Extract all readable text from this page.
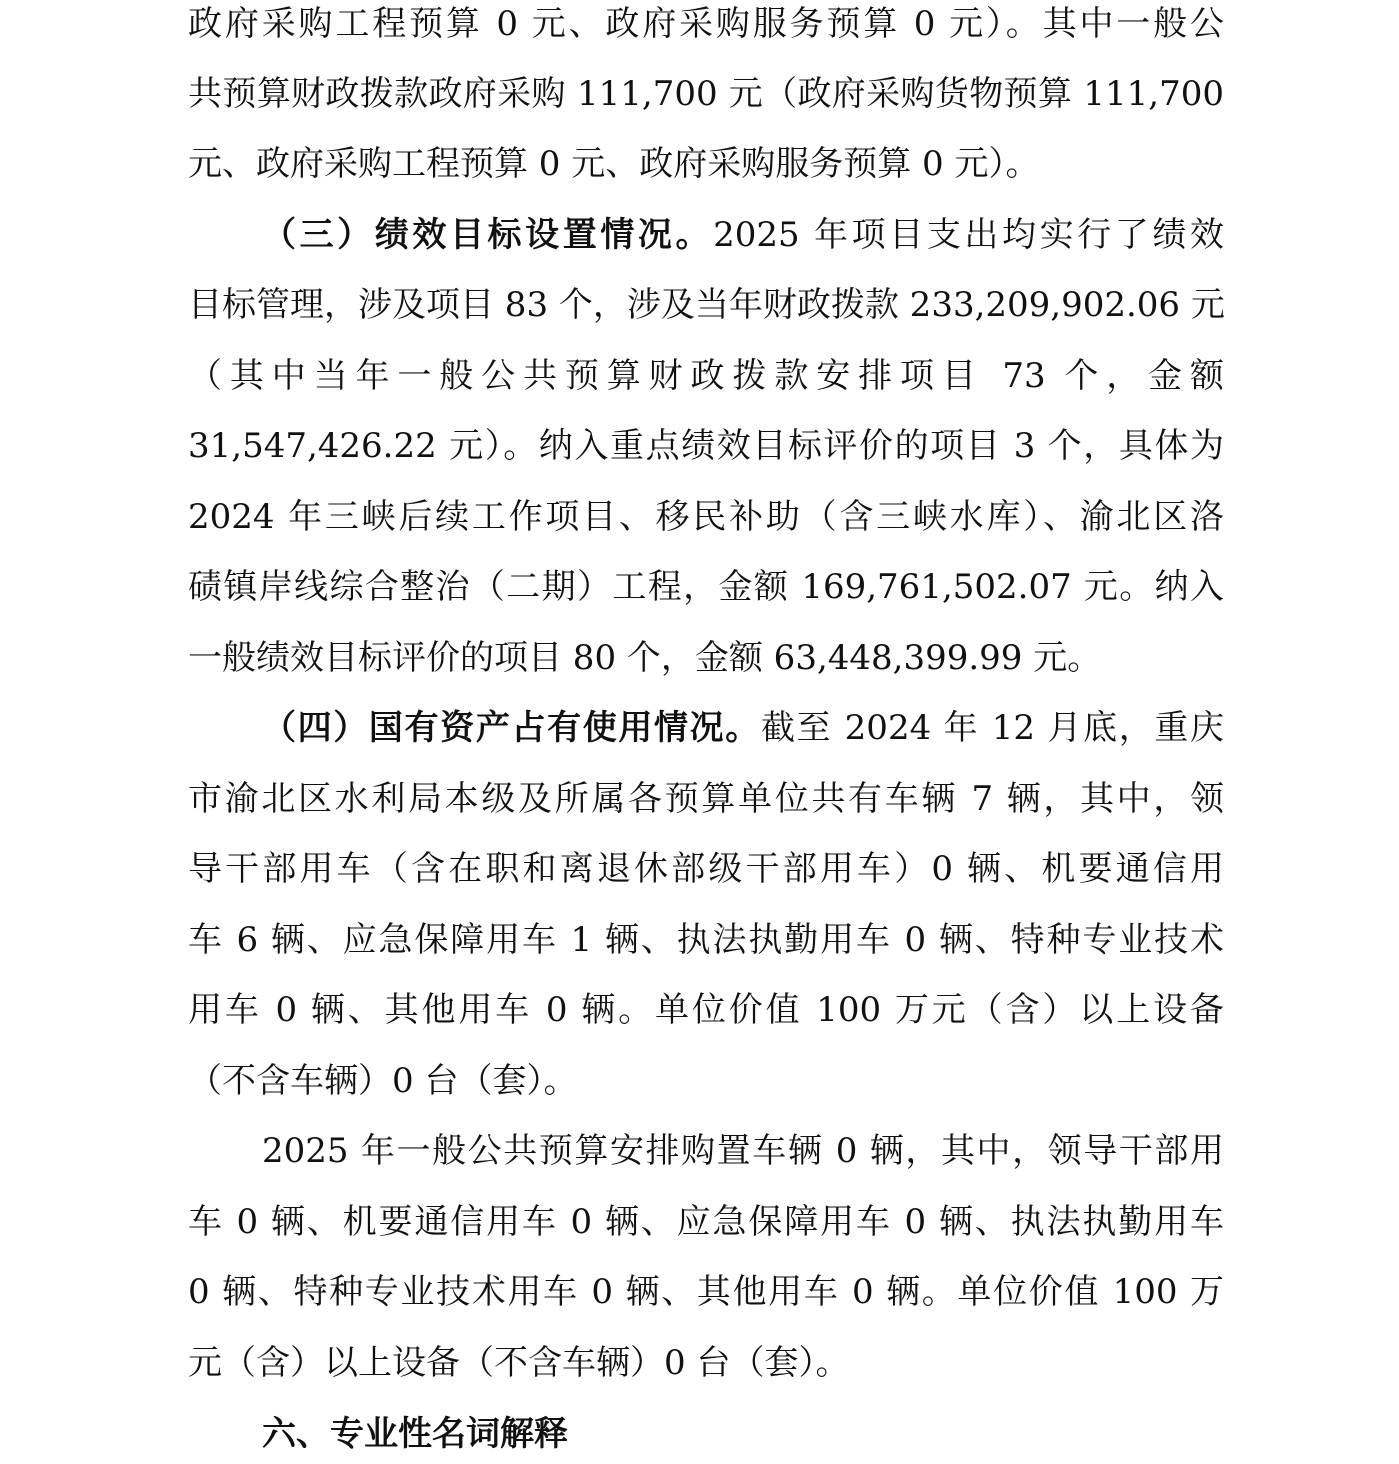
政府采购工程预算 0 元、政府采购服务预算 0 元）。其中一般公
共预算财政拨款政府采购 111,700 元（政府采购货物预算 111,700
元、政府采购工程预算 0 元、政府采购服务预算 0 元）。
（三）绩效目标设置情况。2025 年项目支出均实行了绩效
目标管理，涉及项目 83 个，涉及当年财政拨款 233,209,902.06 元
（其中当年一般公共预算财政拨款安排项目 73 个，金额
31,547,426.22 元）。纳入重点绩效目标评价的项目 3 个，具体为
2024 年三峡后续工作项目、移民补助（含三峡水库）、渝北区洛
碛镇岸线综合整治（二期）工程，金额 169,761,502.07 元。纳入
一般绩效目标评价的项目 80 个，金额 63,448,399.99 元。
（四）国有资产占有使用情况。截至 2024 年 12 月底，重庆
市渝北区水利局本级及所属各预算单位共有车辆 7 辆，其中，领
导干部用车（含在职和离退休部级干部用车）0 辆、机要通信用
车 6 辆、应急保障用车 1 辆、执法执勤用车 0 辆、特种专业技术
用车 0 辆、其他用车 0 辆。单位价值 100 万元（含）以上设备
（不含车辆）0 台（套）。
2025 年一般公共预算安排购置车辆 0 辆，其中，领导干部用
车 0 辆、机要通信用车 0 辆、应急保障用车 0 辆、执法执勤用车
0 辆、特种专业技术用车 0 辆、其他用车 0 辆。单位价值 100 万
元（含）以上设备（不含车辆）0 台（套）。
六、专业性名词解释
